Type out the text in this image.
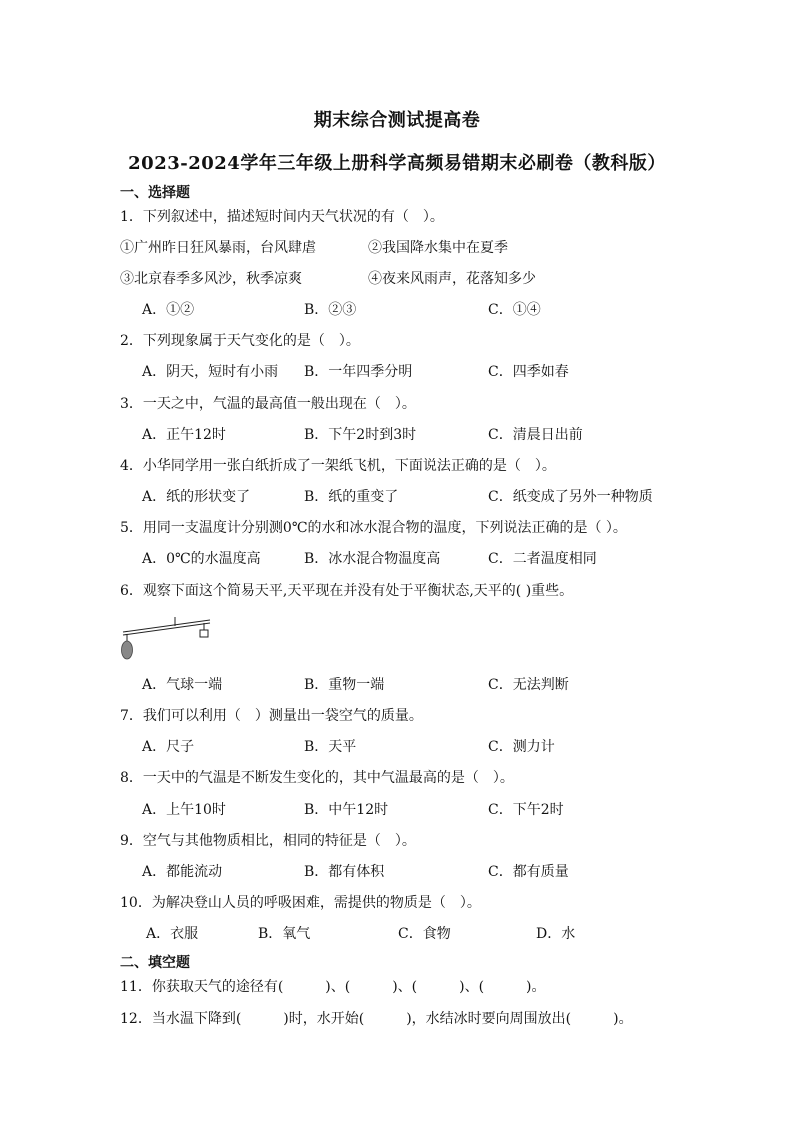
期末综合测试提高卷
2023-2024学年三年级上册科学高频易错期末必刷卷（教科版）
一、选择题
1．下列叙述中，描述短时间内天气状况的有（　）。
①广州昨日狂风暴雨，台风肆虐	②我国降水集中在夏季
③北京春季多风沙，秋季凉爽	④夜来风雨声，花落知多少
A．①②	B．②③	C．①④
2．下列现象属于天气变化的是（　）。
A．阴天，短时有小雨 B．一年四季分明	C．四季如春
3．一天之中，气温的最高值一般出现在（　）。
A．正午12时	B．下午2时到3时	C．清晨日出前
4．小华同学用一张白纸折成了一架纸飞机，下面说法正确的是（　）。
A．纸的形状变了	B．纸的重变了	C．纸变成了另外一种物质
5．用同一支温度计分别测0℃的水和冰水混合物的温度，下列说法正确的是（ ）。
A．0℃的水温度高	B．冰水混合物温度高	C．二者温度相同
6．观察下面这个简易天平,天平现在并没有处于平衡状态,天平的( )重些。
A．气球一端	B．重物一端	C．无法判断
7．我们可以利用（　）测量出一袋空气的质量。
A．尺子	B．天平	C．测力计
8．一天中的气温是不断发生变化的，其中气温最高的是（　）。
A．上午10时	B．中午12时	C．下午2时
9．空气与其他物质相比，相同的特征是（　）。
A．都能流动	B．都有体积	C．都有质量
10．为解决登山人员的呼吸困难，需提供的物质是（　）。
A．衣服	B．氧气	C．食物	D．水
二、填空题
11．你获取天气的途径有(　　　)、(　　　)、(　　　)、(　　　)。
12．当水温下降到(　　　)时，水开始(　　　)，水结冰时要向周围放出(　　　)。
